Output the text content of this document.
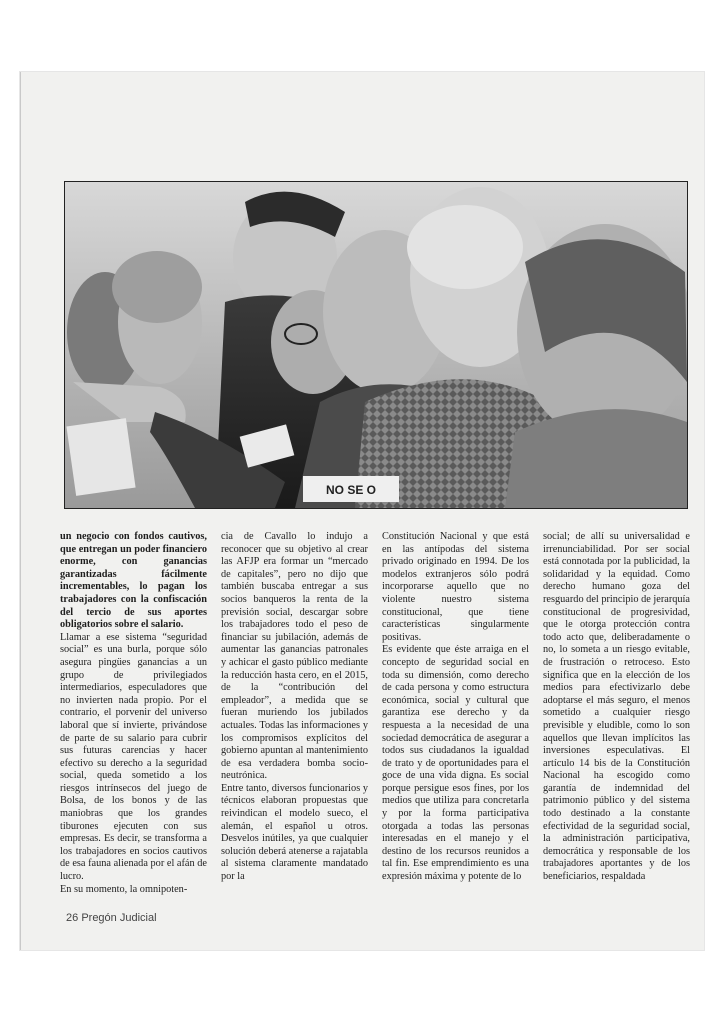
NO SE O

un negocio con fondos cautivos, que entregan un poder financiero enorme, con ganancias garantizadas fácilmente incrementables, lo pagan los trabajadores con la confiscación del tercio de sus aportes obligatorios sobre el salario.

Llamar a ese sistema “seguridad social” es una burla, porque sólo asegura pingües ganancias a un grupo de privilegiados intermediarios, especuladores que no invierten nada propio. Por el contrario, el porvenir del universo laboral que sí invierte, privándose de parte de su salario para cubrir sus futuras carencias y hacer efectivo su derecho a la seguridad social, queda sometido a los riesgos intrínsecos del juego de Bolsa, de los bonos y de las maniobras que los grandes tiburones ejecuten con sus empresas. Es decir, se transforma a los trabajadores en socios cautivos de esa fauna alienada por el afán de lucro.

En su momento, la omnipoten-

cia de Cavallo lo indujo a reconocer que su objetivo al crear las AFJP era formar un “mercado de capitales”, pero no dijo que también buscaba entregar a sus socios banqueros la renta de la previsión social, descargar sobre los trabajadores todo el peso de financiar su jubilación, además de aumentar las ganancias patronales y achicar el gasto público mediante la reducción hasta cero, en el 2015, de la “contribución del empleador”, a medida que se fueran muriendo los jubilados actuales. Todas las informaciones y los compromisos explícitos del gobierno apuntan al mantenimiento de esa verdadera bomba socio-neutrónica.

Entre tanto, diversos funcionarios y técnicos elaboran propuestas que reivindican el modelo sueco, el alemán, el español u otros. Desvelos inútiles, ya que cualquier solución deberá atenerse a rajatabla al sistema claramente mandatado por la

Constitución Nacional y que está en las antípodas del sistema privado originado en 1994. De los modelos extranjeros sólo podrá incorporarse aquello que no violente nuestro sistema constitucional, que tiene características singularmente positivas.

Es evidente que éste arraiga en el concepto de seguridad social en toda su dimensión, como derecho de cada persona y como estructura económica, social y cultural que garantiza ese derecho y da respuesta a la necesidad de una sociedad democrática de asegurar a todos sus ciudadanos la igualdad de trato y de oportunidades para el goce de una vida digna. Es social porque persigue esos fines, por los medios que utiliza para concretarla y por la forma participativa otorgada a todas las personas interesadas en el manejo y el destino de los recursos reunidos a tal fin. Ese emprendimiento es una expresión máxima y potente de lo

social; de allí su universalidad e irrenunciabilidad. Por ser social está connotada por la publicidad, la solidaridad y la equidad. Como derecho humano goza del resguardo del principio de jerarquía constitucional de progresividad, que le otorga protección contra todo acto que, deliberadamente o no, lo someta a un riesgo evitable, de frustración o retroceso. Esto significa que en la elección de los medios para efectivizarlo debe adoptarse el más seguro, el menos sometido a cualquier riesgo previsible y eludible, como lo son aquellos que llevan implícitos las inversiones especulativas. El artículo 14 bis de la Constitución Nacional ha escogido como garantía de indemnidad del patrimonio público y del sistema todo destinado a la constante efectividad de la seguridad social, la administración participativa, democrática y responsable de los trabajadores aportantes y de los beneficiarios, respaldada

26 Pregón Judicial
